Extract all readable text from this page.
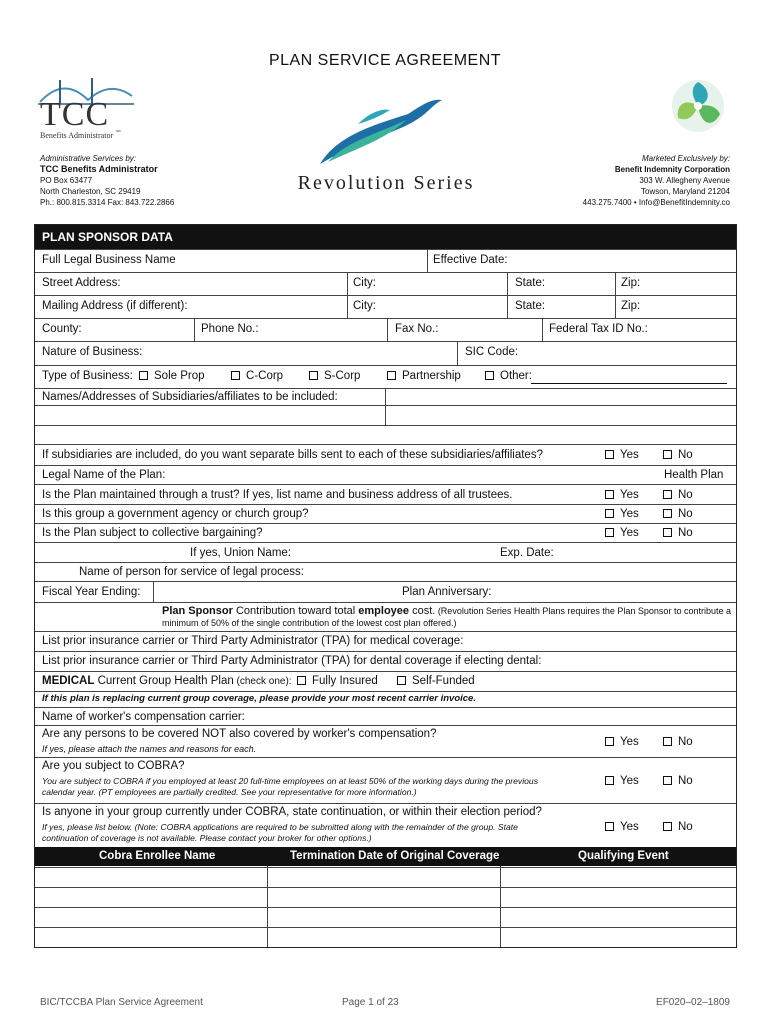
PLAN SERVICE AGREEMENT
TCC
Benefits Administrator
sm
Revolution Series
Administrative Services by:
TCC Benefits Administrator
PO Box 63477
North Charleston, SC 29419
Ph.: 800.815.3314 Fax: 843.722.2866
Marketed Exclusively by:
Benefit Indemnity Corporation
303 W. Allegheny Avenue
Towson, Maryland 21204
443.275.7400 • Info@BenefitIndemnity.co
PLAN SPONSOR DATA
Full Legal Business Name	Effective Date:
Street Address:	City:	State:	Zip:
Mailing Address (if different):	City:	State:	Zip:
County:	Phone No.:	Fax No.:	Federal Tax ID No.:
Nature of Business:	SIC Code:
Type of Business:	Sole Prop	C-Corp	S-Corp	Partnership	Other:
Names/Addresses of Subsidiaries/affiliates to be included:
If subsidiaries are included, do you want separate bills sent to each of these subsidiaries/affiliates?	Yes	No
Legal Name of the Plan:	Health Plan
Is the Plan maintained through a trust? If yes, list name and business address of all trustees.	Yes	No
Is this group a government agency or church group?	Yes	No
Is the Plan subject to collective bargaining?	Yes	No
If yes, Union Name:	Exp. Date:
Name of person for service of legal process:
Fiscal Year Ending:	Plan Anniversary:
Plan Sponsor Contribution toward total employee cost. (Revolution Series Health Plans requires the Plan Sponsor to contribute a
minimum of 50% of the single contribution of the lowest cost plan offered.)
List prior insurance carrier or Third Party Administrator (TPA) for medical coverage:
List prior insurance carrier or Third Party Administrator (TPA) for dental coverage if electing dental:
MEDICAL Current Group Health Plan (check one):	Fully Insured	Self-Funded
If this plan is replacing current group coverage, please provide your most recent carrier invoice.
Name of worker's compensation carrier:
Are any persons to be covered NOT also covered by worker's compensation?
If yes, please attach the names and reasons for each.
Yes	No
Are you subject to COBRA?
You are subject to COBRA if you employed at least 20 full-time employees on at least 50% of the working days during the previous
calendar year. (PT employees are partially credited. See your representative for more information.)
Yes	No
Is anyone in your group currently under COBRA, state continuation, or within their election period?
If yes, please list below. (Note: COBRA applications are required to be submitted along with the remainder of the group. State
continuation of coverage is not available. Please contact your broker for other options.)
Yes	No
Cobra Enrollee Name	Termination Date of Original Coverage	Qualifying Event
BIC/TCCBA Plan Service Agreement	Page 1 of 23	EF020–02–1809
